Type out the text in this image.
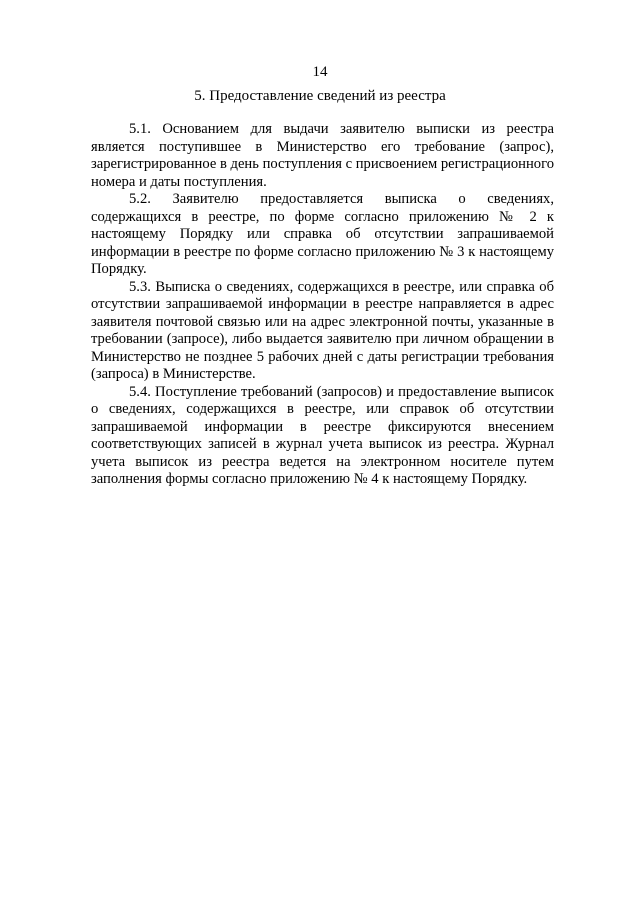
14
5. Предоставление сведений из реестра

5.1. Основанием для выдачи заявителю выписки из реестра является поступившее в Министерство его требование (запрос), зарегистрированное в день поступления с присвоением регистрационного номера и даты поступления.

5.2. Заявителю предоставляется выписка о сведениях, содержащихся в реестре, по форме согласно приложению № 2 к настоящему Порядку или справка об отсутствии запрашиваемой информации в реестре по форме согласно приложению № 3 к настоящему Порядку.

5.3. Выписка о сведениях, содержащихся в реестре, или справка об отсутствии запрашиваемой информации в реестре направляется в адрес заявителя почтовой связью или на адрес электронной почты, указанные в требовании (запросе), либо выдается заявителю при личном обращении в Министерство не позднее 5 рабочих дней с даты регистрации требования (запроса) в Министерстве.

5.4. Поступление требований (запросов) и предоставление выписок о сведениях, содержащихся в реестре, или справок об отсутствии запрашиваемой информации в реестре фиксируются внесением соответствующих записей в журнал учета выписок из реестра. Журнал учета выписок из реестра ведется на электронном носителе путем заполнения формы согласно приложению № 4 к настоящему Порядку.
